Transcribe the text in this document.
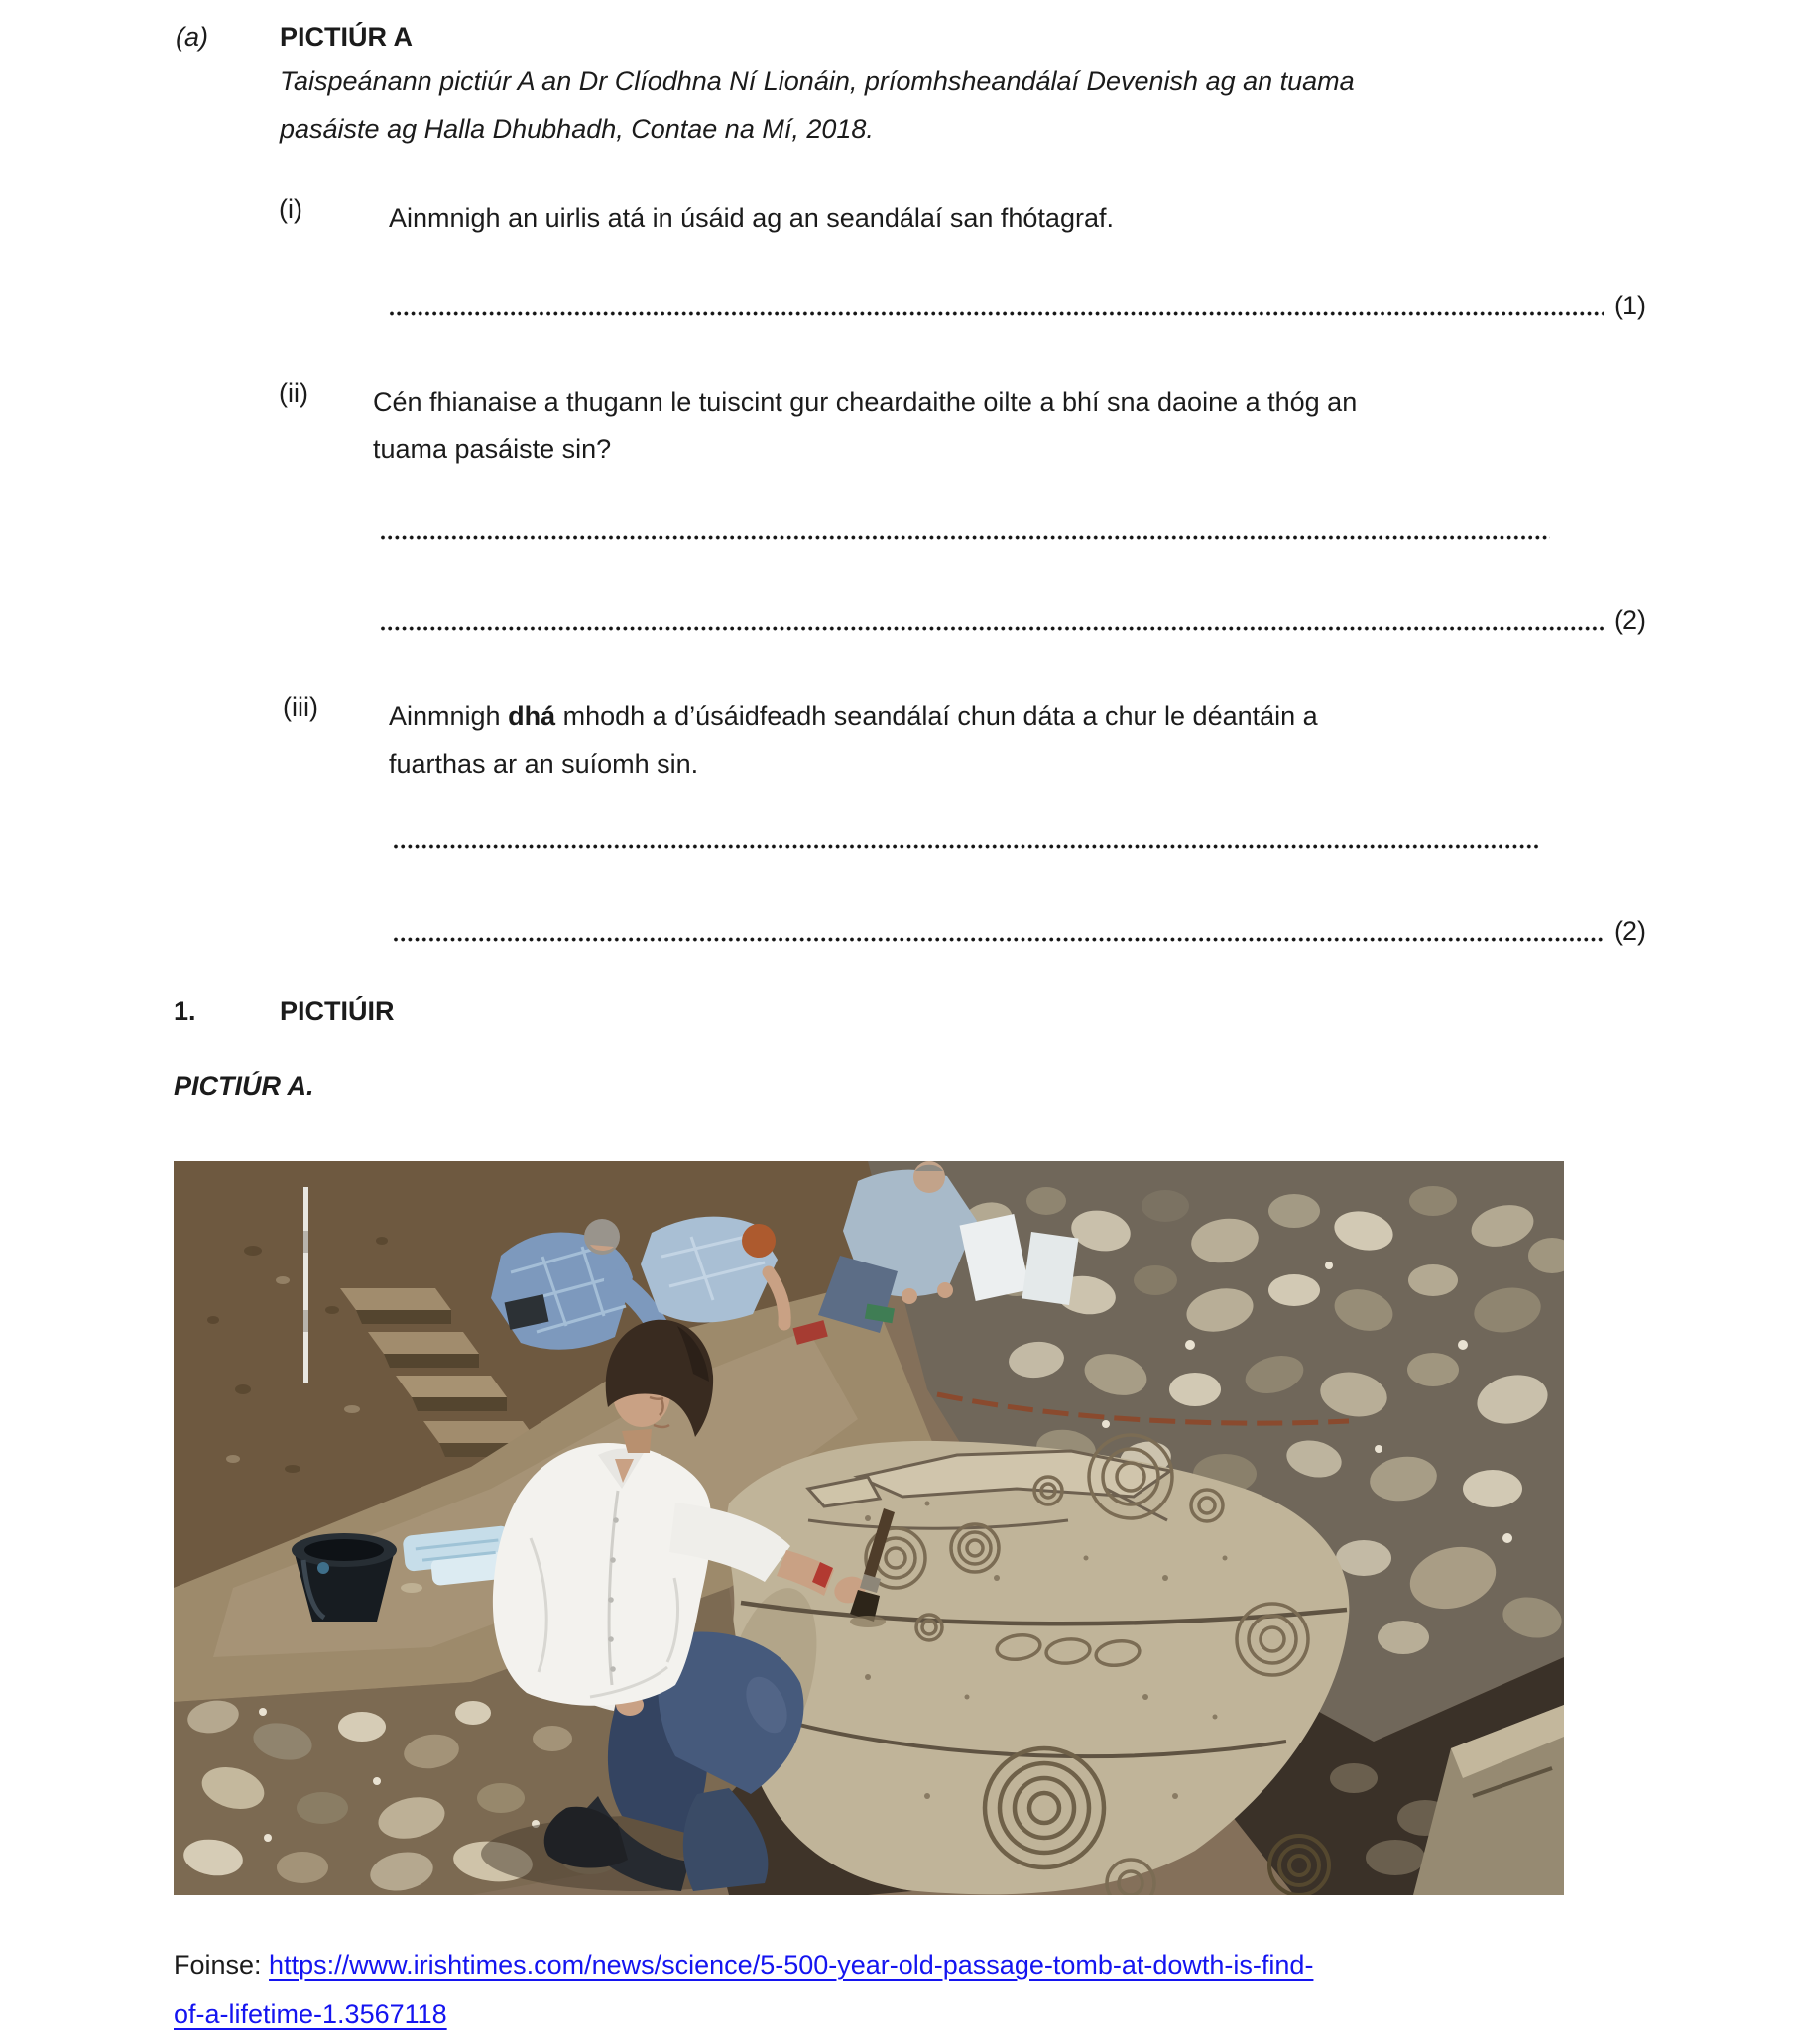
(a)	PICTIÚR A
Taispeánann pictiúr A an Dr Clíodhna Ní Lionáin, príomhsheandálaí Devenish ag an tuama
pasáiste ag Halla Dhubhadh, Contae na Mí, 2018.
(i)	Ainmnigh an uirlis atá in úsáid ag an seandálaí san fhótagraf.
(1)
(ii) Cén fhianaise a thugann le tuiscint gur cheardaithe oilte a bhí sna daoine a thóg an
tuama pasáiste sin?
(2)
(iii)	Ainmnigh dhá mhodh a d’úsáidfeadh seandálaí chun dáta a chur le déantáin a
fuarthas ar an suíomh sin.
(2)
1.	PICTIÚIR
PICTIÚR A.
Foinse: https://www.irishtimes.com/news/science/5-500-year-old-passage-tomb-at-dowth-is-find-
of-a-lifetime-1.3567118
